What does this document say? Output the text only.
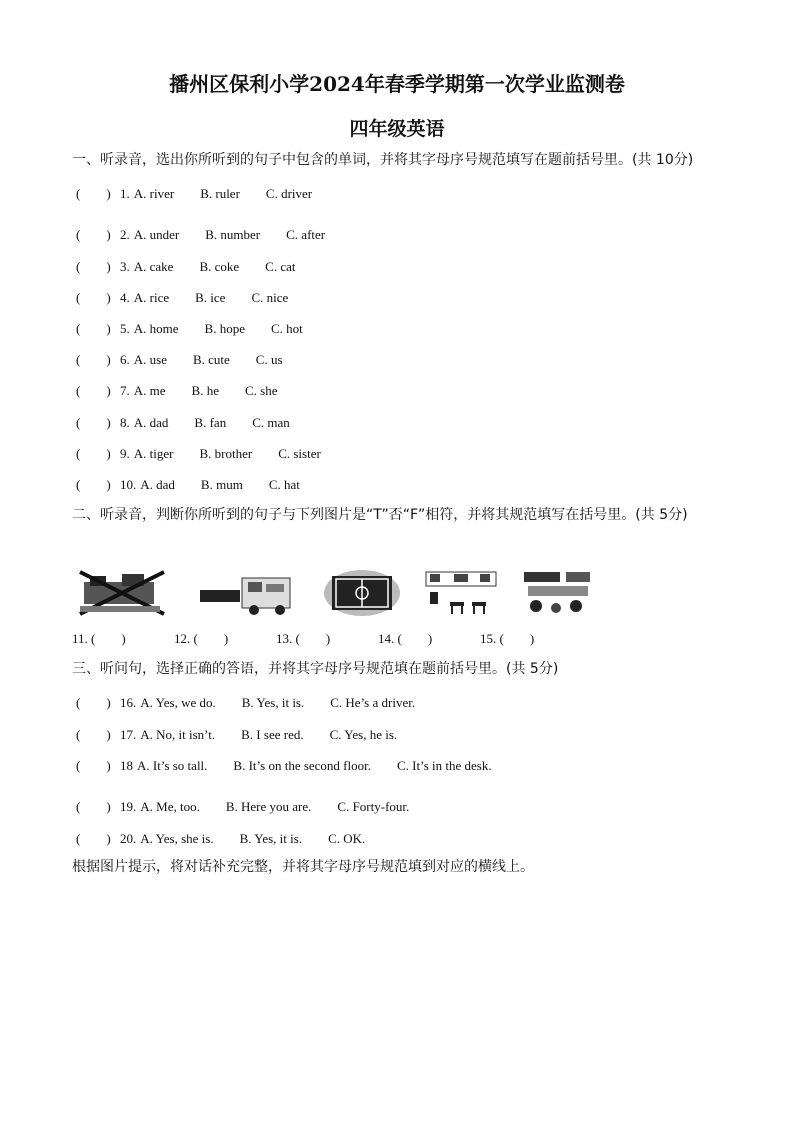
播州区保利小学2024年春季学期第一次学业监测卷
四年级英语
一、听录音，选出你所听到的句子中包含的单词，并将其字母序号规范填写在题前括号里。(共 10分)
(　　) 1. A. river B. ruler C. driver
(　　) 2. A. under B. number C. after
(　　) 3. A. cake B. coke C. cat
(　　) 4. A. rice B. ice C. nice
(　　) 5. A. home B. hope C. hot
(　　) 6. A. use B. cute C. us
(　　) 7. A. me B. he C. she
(　　) 8. A. dad B. fan C. man
(　　) 9. A. tiger B. brother C. sister
(　　) 10. A. dad B. mum C. hat
二、听录音，判断你所听到的句子与下列图片是“T”否“F”相符，并将其规范填写在括号里。(共 5分)
11. (　　)	12. (　　)	13. (　　)	14. (　　)	15. (　　)
三、听问句，选择正确的答语，并将其字母序号规范填在题前括号里。(共 5分)
(　　) 16. A. Yes, we do. B. Yes, it is. C. He’s a driver.
(　　) 17. A. No, it isn’t. B. I see red. C. Yes, he is.
(　　) 18 A. It’s so tall. B. It’s on the second floor. C. It’s in the desk.
(　　) 19. A. Me, too. B. Here you are. C. Forty-four.
(　　) 20. A. Yes, she is. B. Yes, it is. C. OK.
根据图片提示，将对话补充完整，并将其字母序号规范填到对应的横线上。
